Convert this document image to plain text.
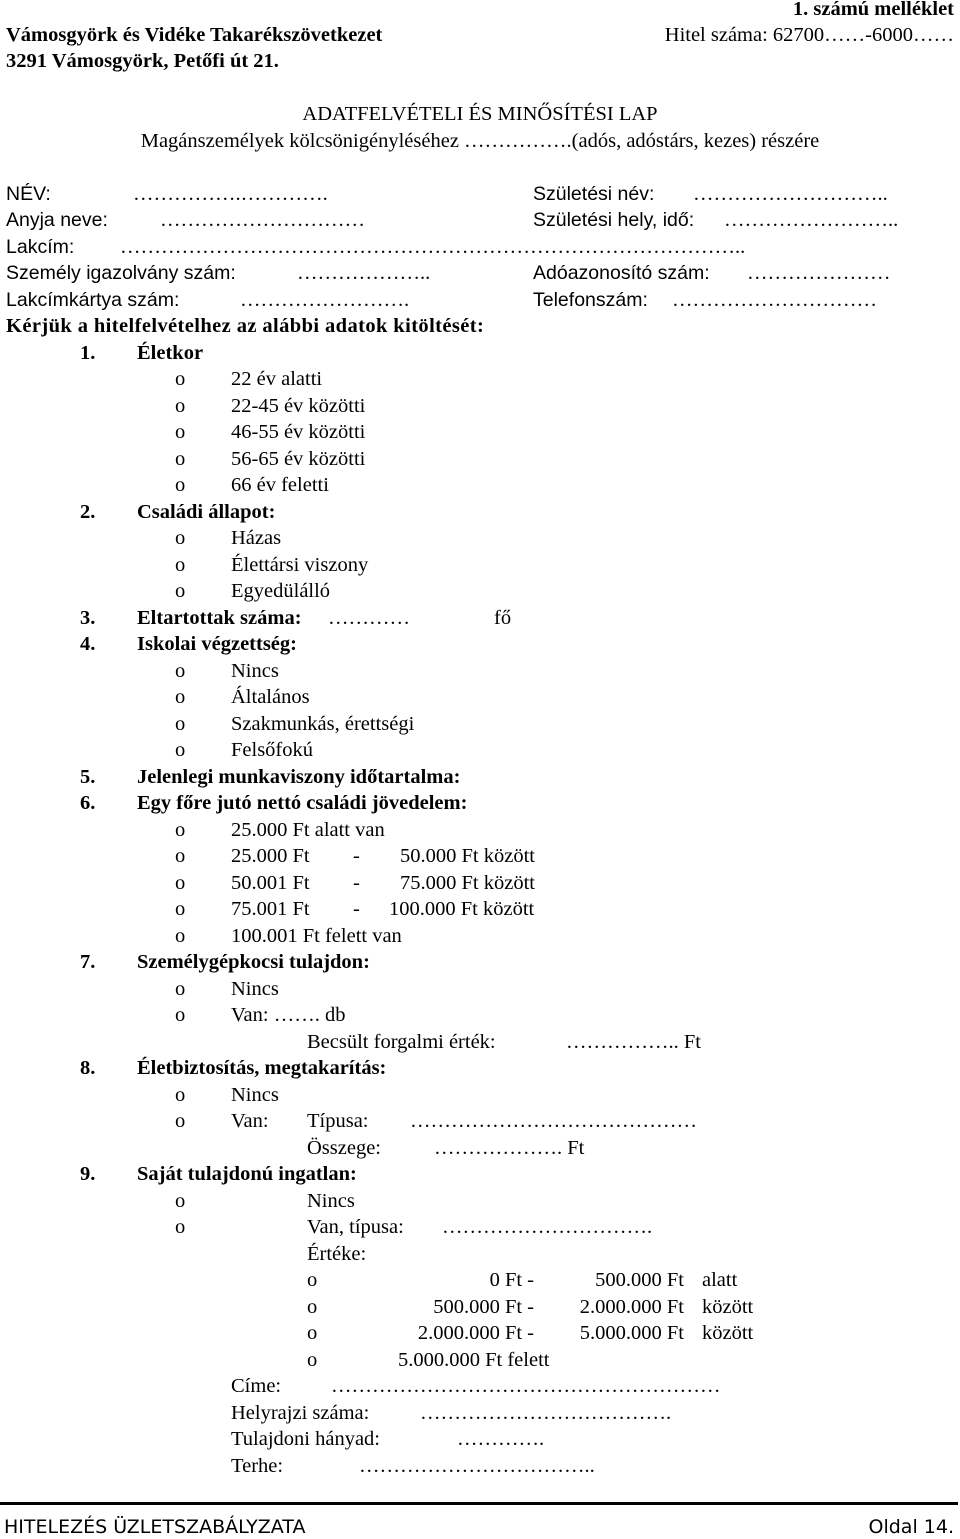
1. számú melléklet
Vámosgyörk és Vidéke Takarékszövetkezet	Hitel száma: 62700……-6000……
3291 Vámosgyörk, Petőfi út 21.
ADATFELVÉTELI ÉS MINŐSÍTÉSI LAP
Magánszemélyek kölcsönigényléséhez …………….(adós, adóstárs, kezes) részére
NÉV:	…………….………….	Születési név: ………………………..
Anyja neve:	…………………………	Születési hely, idő: ……………………..
Lakcím: ………………………………………………………………………………..
Személy igazolvány szám:	………………..	Adóazonosító szám: …………………
Lakcímkártya szám:	…………………….	Telefonszám: …………………………
Kérjük a hitelfelvételhez az alábbi adatok kitöltését:
1. Életkor
o 22 év alatti
o 22-45 év közötti
o 46-55 év közötti
o 56-65 év közötti
o 66 év feletti
2. Családi állapot:
o Házas
o Élettársi viszony
o Egyedülálló
3. Eltartottak száma: …………	fő
4. Iskolai végzettség:
o Nincs
o Általános
o Szakmunkás, érettségi
o Felsőfokú
5. Jelenlegi munkaviszony időtartalma:
6. Egy főre jutó nettó családi jövedelem:
o 25.000 Ft alatt van
o 25.000 Ft - 50.000 Ft között
o 50.001 Ft - 75.000 Ft között
o 75.001 Ft - 100.000 Ft között
o 100.001 Ft felett van
7. Személygépkocsi tulajdon:
o Nincs
o Van: ……. db
Becsült forgalmi érték:	…………….. Ft
8. Életbiztosítás, megtakarítás:
o Nincs
o Van: Típusa: ……………………………………
Összege:	………………. Ft
9. Saját tulajdonú ingatlan:
o	Nincs
o	Van, típusa: ………………………….
Értéke:
o	0 Ft -	500.000 Ft alatt
o	500.000 Ft - 2.000.000 Ft között
o	2.000.000 Ft - 5.000.000 Ft között
o	5.000.000 Ft felett
Címe: …………………………………………………
Helyrajzi száma: ……………………………….
Tulajdoni hányad:	………….
Terhe:	……………………………..
HITELEZÉS ÜZLETSZABÁLYZATA	Oldal 14.
